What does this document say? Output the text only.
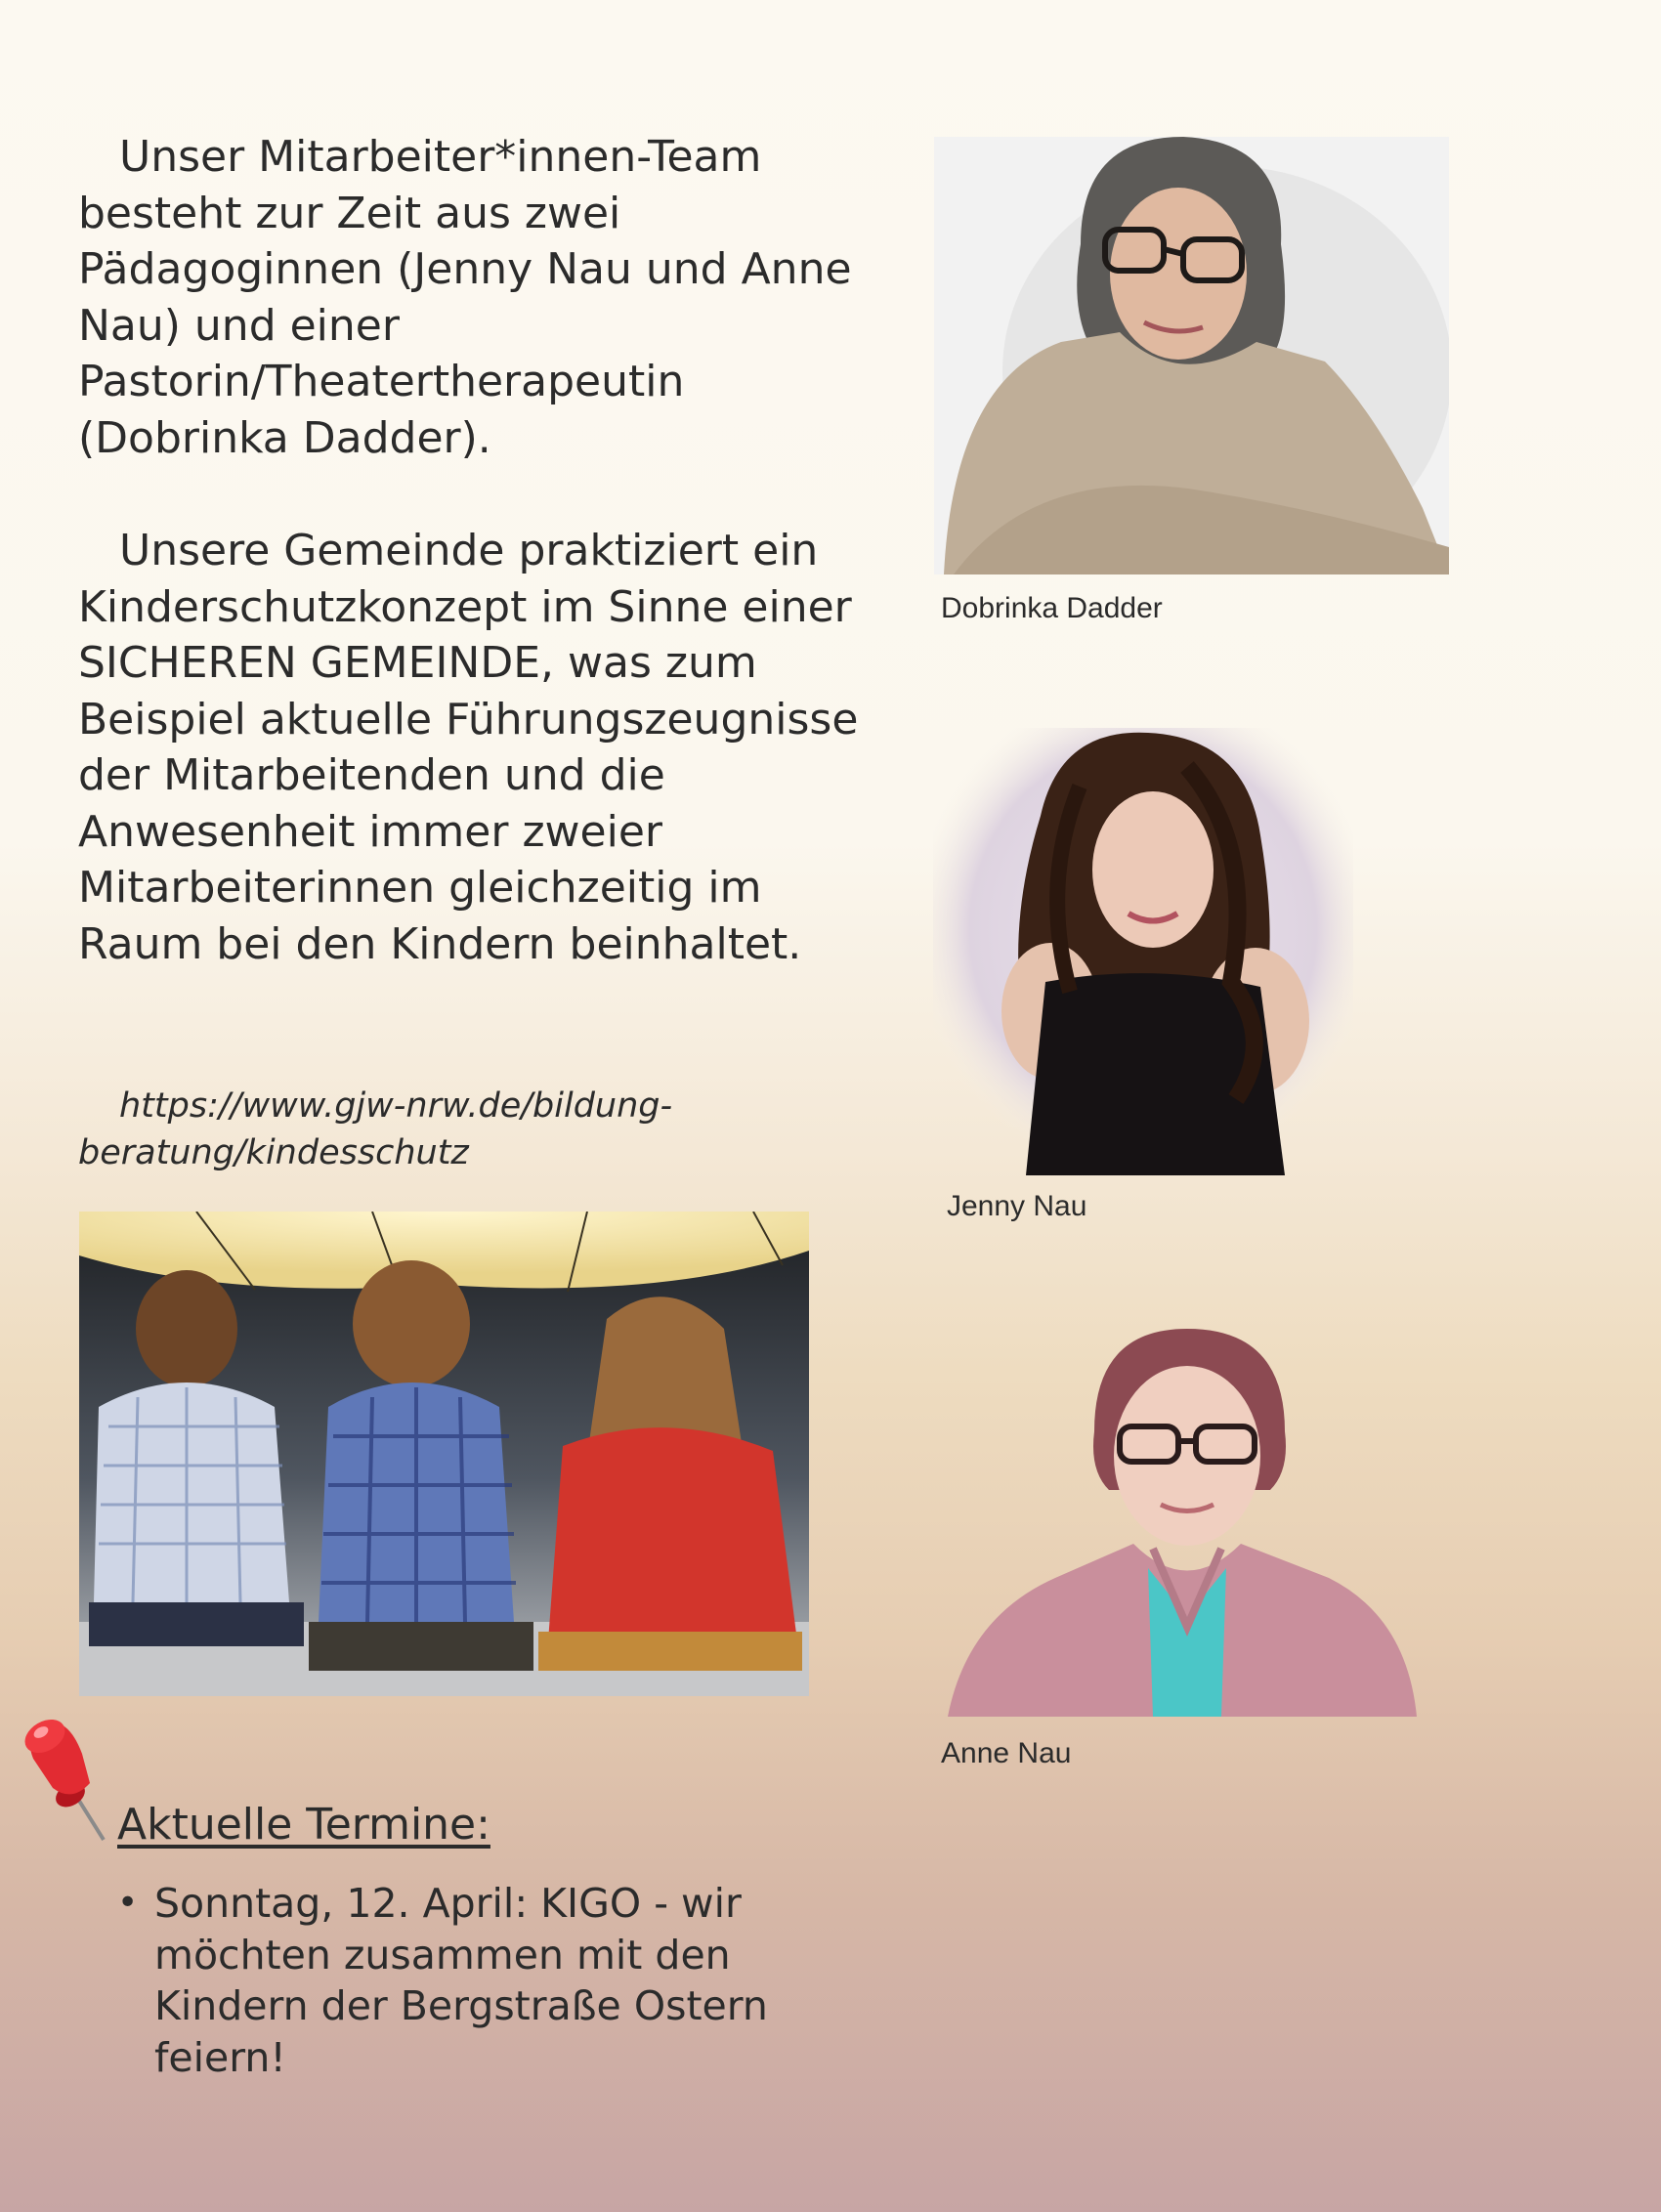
Unser Mitarbeiter*innen-Team besteht zur Zeit aus zwei Pädagoginnen (Jenny Nau und Anne Nau) und einer Pastorin/Theatertherapeutin (Dobrinka Dadder).

Unsere Gemeinde praktiziert ein Kinderschutzkonzept im Sinne einer SICHEREN GEMEINDE, was zum Beispiel aktuelle Führungszeugnisse der Mitarbeitenden und die Anwesenheit immer zweier Mitarbeiterinnen gleichzeitig im Raum bei den Kindern beinhaltet.

https://www.gjw-nrw.de/bildung-beratung/kindesschutz

Dobrinka Dadder

Jenny Nau

Anne Nau

Aktuelle Termine:

• Sonntag, 12. April: KIGO - wir möchten zusammen mit den Kindern der Bergstraße Ostern feiern!
